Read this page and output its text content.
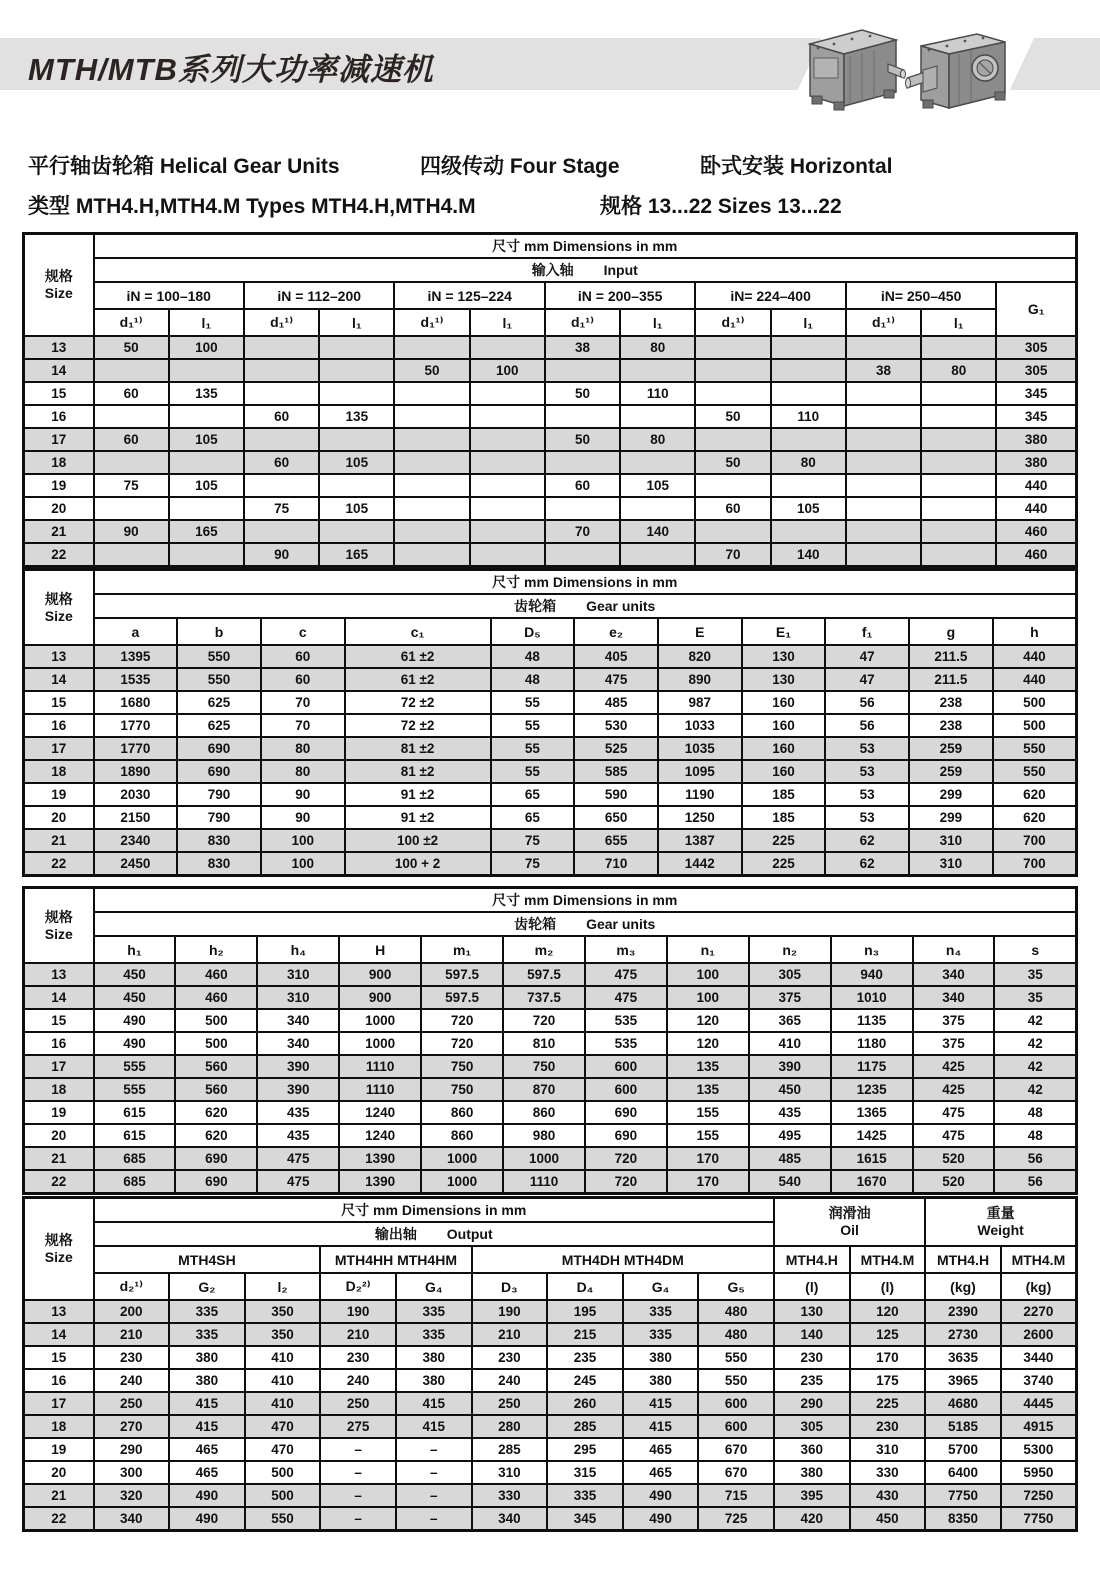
MTH/MTB系列大功率减速机
平行轴齿轮箱 Helical Gear Units	四级传动 Four Stage	卧式安装 Horizontal
类型 MTH4.H,MTH4.M Types MTH4.H,MTH4.M	规格 13...22 Sizes 13...22
规格
Size	尺寸 mm Dimensions in mm												
	输入轴 Input												
	iN = 100–180		iN = 112–200		iN = 125–224		iN = 200–355		iN= 224–400		iN= 250–450		G₁
	d₁¹⁾	l₁	d₁¹⁾	l₁	d₁¹⁾	l₁	d₁¹⁾	l₁	d₁¹⁾	l₁	d₁¹⁾	l₁	
13	50	100					38	80					305
14					50	100					38	80	305
15	60	135					50	110					345
16			60	135					50	110			345
17	60	105					50	80					380
18			60	105					50	80			380
19	75	105					60	105					440
20			75	105					60	105			440
21	90	165					70	140					460
22			90	165					70	140			460
规格
Size	尺寸 mm Dimensions in mm										
	齿轮箱 Gear units										
	a	b	c	c₁	D₅	e₂	E	E₁	f₁	g	h
13	1395	550	60	61 ±2	48	405	820	130	47	211.5	440
14	1535	550	60	61 ±2	48	475	890	130	47	211.5	440
15	1680	625	70	72 ±2	55	485	987	160	56	238	500
16	1770	625	70	72 ±2	55	530	1033	160	56	238	500
17	1770	690	80	81 ±2	55	525	1035	160	53	259	550
18	1890	690	80	81 ±2	55	585	1095	160	53	259	550
19	2030	790	90	91 ±2	65	590	1190	185	53	299	620
20	2150	790	90	91 ±2	65	650	1250	185	53	299	620
21	2340	830	100	100 ±2	75	655	1387	225	62	310	700
22	2450	830	100	100 + 2	75	710	1442	225	62	310	700
规格
Size	尺寸 mm Dimensions in mm											
	齿轮箱 Gear units											
	h₁	h₂	h₄	H	m₁	m₂	m₃	n₁	n₂	n₃	n₄	s
13	450	460	310	900	597.5	597.5	475	100	305	940	340	35
14	450	460	310	900	597.5	737.5	475	100	375	1010	340	35
15	490	500	340	1000	720	720	535	120	365	1135	375	42
16	490	500	340	1000	720	810	535	120	410	1180	375	42
17	555	560	390	1110	750	750	600	135	390	1175	425	42
18	555	560	390	1110	750	870	600	135	450	1235	425	42
19	615	620	435	1240	860	860	690	155	435	1365	475	48
20	615	620	435	1240	860	980	690	155	495	1425	475	48
21	685	690	475	1390	1000	1000	720	170	485	1615	520	56
22	685	690	475	1390	1000	1110	720	170	540	1670	520	56
规格
Size	尺寸 mm Dimensions in mm									润滑油
Oil		重量
Weight	

	输出轴 Output												
	MTH4SH			MTH4HH MTH4HM		MTH4DH MTH4DM				MTH4.H	MTH4.M	MTH4.H	MTH4.M
	d₂¹⁾	G₂	l₂	D₂²⁾	G₄	D₃	D₄	G₄	G₅	(l)	(l)	(kg)	(kg)
13	200	335	350	190	335	190	195	335	480	130	120	2390	2270
14	210	335	350	210	335	210	215	335	480	140	125	2730	2600
15	230	380	410	230	380	230	235	380	550	230	170	3635	3440
16	240	380	410	240	380	240	245	380	550	235	175	3965	3740
17	250	415	410	250	415	250	260	415	600	290	225	4680	4445
18	270	415	470	275	415	280	285	415	600	305	230	5185	4915
19	290	465	470	–	–	285	295	465	670	360	310	5700	5300
20	300	465	500	–	–	310	315	465	670	380	330	6400	5950
21	320	490	500	–	–	330	335	490	715	395	430	7750	7250
22	340	490	550	–	–	340	345	490	725	420	450	8350	7750
